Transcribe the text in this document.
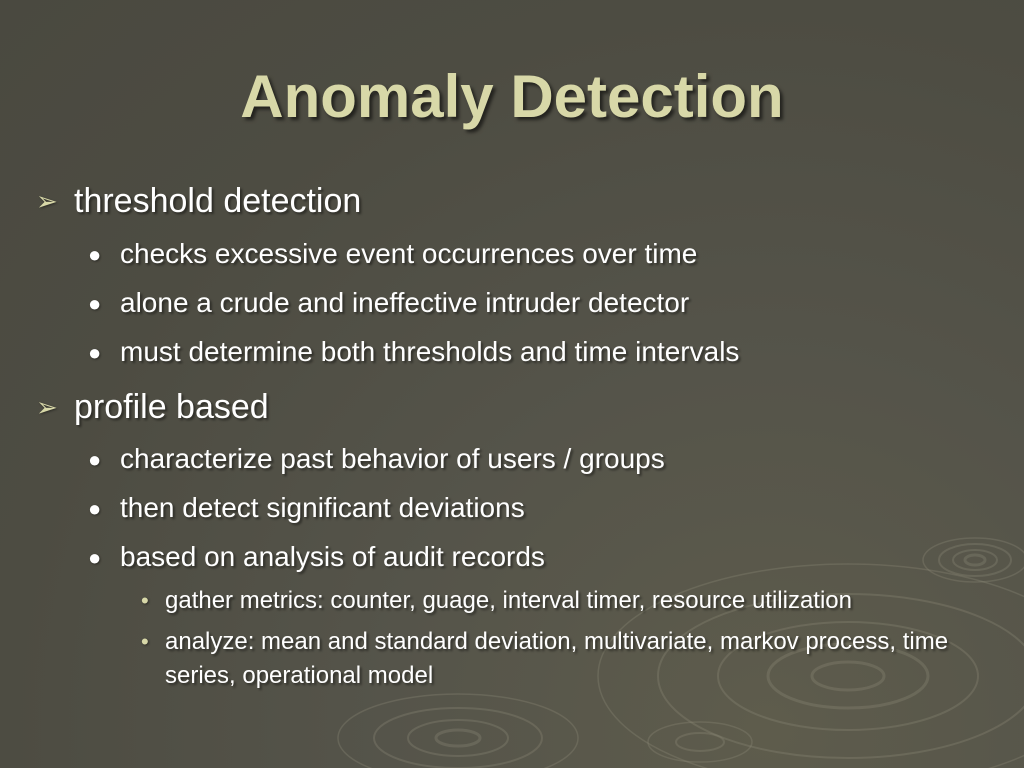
Anomaly Detection
➢ threshold detection
● checks excessive event occurrences over time
● alone a crude and ineffective intruder detector
● must determine both thresholds and time intervals
➢ profile based
● characterize past behavior of users / groups
● then detect significant deviations
● based on analysis of audit records
• gather metrics: counter, guage, interval timer, resource utilization
• analyze: mean and standard deviation, multivariate, markov process, time series, operational model
